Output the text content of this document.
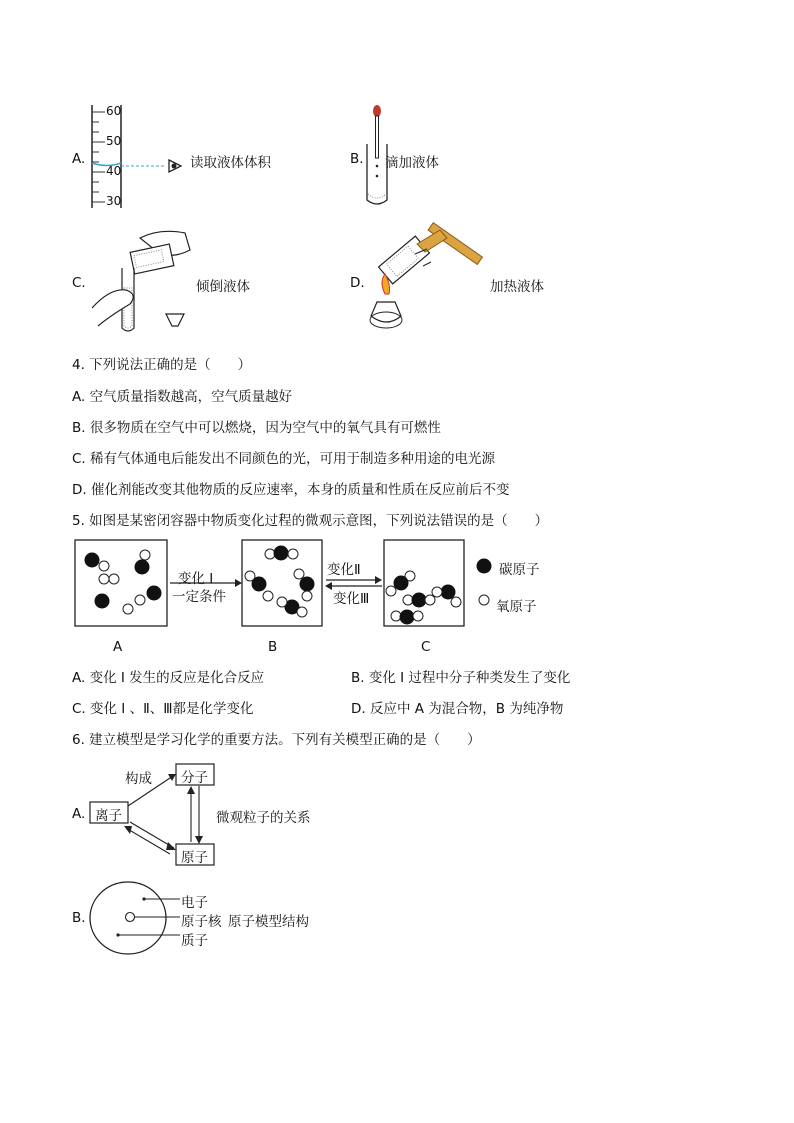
A.
60
50
40
30
读取液体体积	B. 滴加液体
C.	倾倒液体	D.	加热液体
4. 下列说法正确的是（　　）
A. 空气质量指数越高，空气质量越好
B. 很多物质在空气中可以燃烧，因为空气中的氧气具有可燃性
C. 稀有气体通电后能发出不同颜色的光，可用于制造多种用途的电光源
D. 催化剂能改变其他物质的反应速率，本身的质量和性质在反应前后不变
5. 如图是某密闭容器中物质变化过程的微观示意图，下列说法错误的是（　　）
变化 I
一定条件
变化Ⅱ
变化Ⅲ
碳原子
氧原子
A	B	C
A. 变化 I 发生的反应是化合反应	B. 变化 I 过程中分子种类发生了变化
C. 变化 I 、Ⅱ、Ⅲ都是化学变化	D. 反应中 A 为混合物，B 为纯净物
6. 建立模型是学习化学的重要方法。下列有关模型正确的是（　　）
A.
构成 分子
离子
原子
微观粒子的关系
B.
电子
原子核
质子
原子模型结构
